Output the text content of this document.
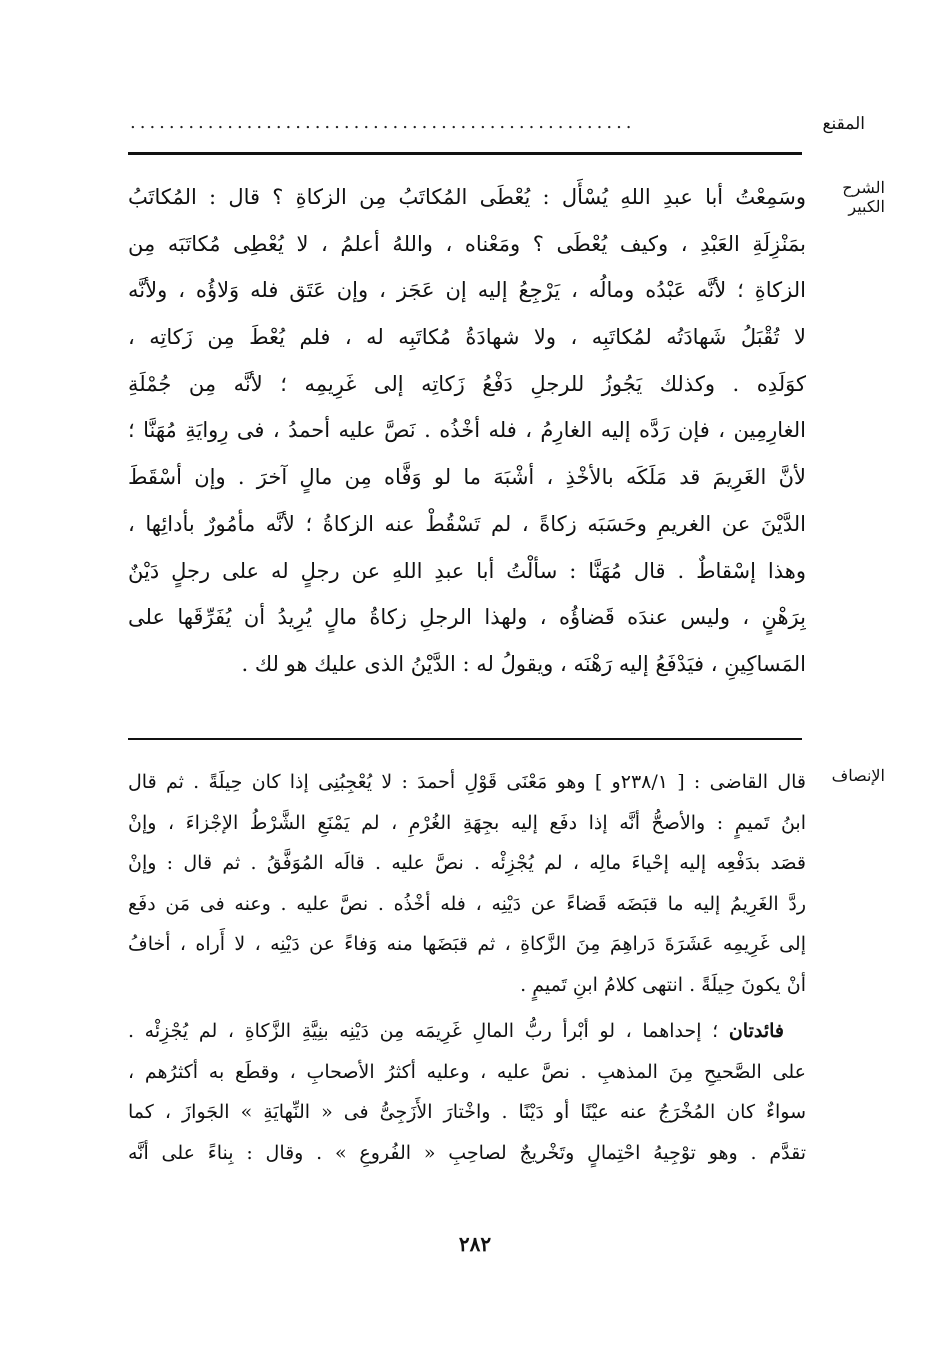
المقنع
....................................................
الشرح الكبير
وسَمِعْتُ أبا عبدِ اللهِ يُسْأَل : يُعْطَى المُكاتَبُ مِن الزكاةِ ؟ قال : المُكاتَبُ
بمَنْزِلَةِ العَبْدِ ، وكيف يُعْطَى ؟ ومَعْناه ، واللهُ أعلمُ ، لا يُعْطِى مُكاتَبَه مِن
الزكاةِ ؛ لأنَّه عَبْدُه ومالُه ، يَرْجِعُ إليه إن عَجَز ، وإن عَتَق فله وَلاؤُه ، ولأنَّه
لا تُقْبَلُ شَهادَتُه لمُكاتَبِه ، ولا شهادَةُ مُكاتَبِه له ، فلم يُعْطَ مِن زَكاتِه ،
كوَلَدِه . وكذلك يَجُوزُ للرجلِ دَفْعُ زَكاتِه إلى غَرِيمِه ؛ لأنَّه مِن جُمْلَةِ
الغارِمِين ، فإن رَدَّه إليه الغارِمُ ، فله أخْذُه . نَصَّ عليه أحمدُ ، فى رِوايَةِ مُهَنَّا ؛
لأنَّ الغَرِيمَ قد مَلَكَه بالأخْذِ ، أشْبَهَ ما لو وَفَّاه مِن مالٍ آخرَ . وإن أسْقَطَ
الدَّيْنَ عن الغريمِ وحَسَبَه زكاةً ، لم تَسْقُطْ عنه الزكاةُ ؛ لأنَّه مأمُورٌ بأدائِها ،
وهذا إسْقاطٌ . قال مُهَنَّا : سألْتُ أبا عبدِ اللهِ عن رجلٍ له على رجلٍ دَيْنٌ
بِرَهْنٍ ، وليس عندَه قَضاؤُه ، ولهذا الرجلِ زكاةُ مالٍ يُرِيدُ أن يُفَرِّقَها على
المَساكِينِ ، فيَدْفَعُ إليه رَهْنَه ، ويقولُ له : الدَّيْنُ الذى عليك هو لك .
الإنصاف
قال القاضى : [ ٢٣٨/١و ] وهو مَعْنَى قَوْلِ أحمدَ : لا يُعْجِبُنِى إذا كان حِيلَةً . ثم قال
ابنُ تَميمٍ : والأصحُّ أنَّه إذا دفَع إليه بجِهَةِ الغُرْمِ ، لم يَمْنَعِ الشَّرْطُ الإجْزاءَ ، وإنْ
قصَد بدَفْعِه إليه إحْياءَ مالِه ، لم يُجْزِئْه . نصَّ عليه . قالَه المُوَفَّقُ . ثم قال : وإنْ
ردَّ الغَرِيمُ إليه ما قبَضَه قَضاءً عن دَيْنِه ، فله أخْذُه . نصَّ عليه . وعنه فى مَن دفَع
إلى غَرِيمِه عَشَرَةَ دَراهِمَ مِنَ الزَّكاةِ ، ثم قبَضَها منه وَفاءً عن دَيْنِه ، لا أَراه ، أخافُ
أنْ يكونَ حِيلَةً . انتهى كلامُ ابنِ تَميمٍ .
فائدتان ؛ إحداهما ، لو أبْرأ ربُّ المالِ غَرِيمَه مِن دَيْنِه بنِيَّةِ الزَّكاةِ ، لم يُجْزِئْه .
على الصَّحيحِ مِنَ المذهبِ . نصَّ عليه ، وعليه أكثرُ الأصحابِ ، وقطَع به أكثرُهم ،
سواءٌ كان المُخْرَجُ عنه عيْنًا أو دَيْنًا . واخْتارَ الأَزَجِىُّ فى « النِّهايَةِ » الجَوازَ ، كما
تقدَّم . وهو توْجِيهُ احْتِمالٍ وتَخْريجٌ لصاحِبِ « الفُروعِ » . وقال : بِناءً على أنَّه
٢٨٢
